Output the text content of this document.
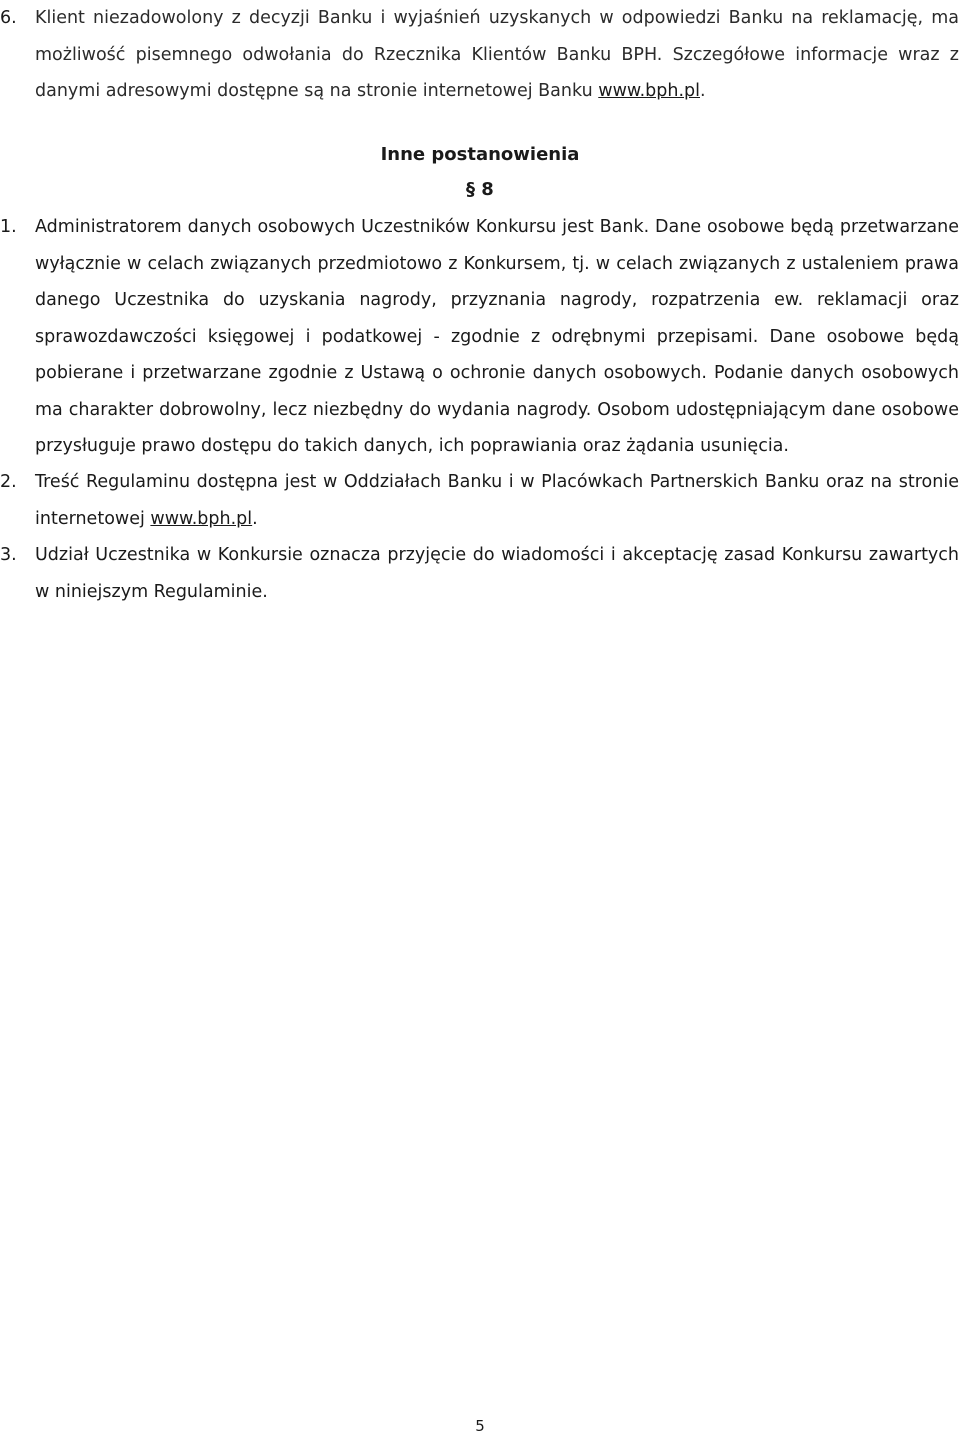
6. Klient niezadowolony z decyzji Banku i wyjaśnień uzyskanych w odpowiedzi Banku na reklamację, ma możliwość pisemnego odwołania do Rzecznika Klientów Banku BPH. Szczegółowe informacje wraz z danymi adresowymi dostępne są na stronie internetowej Banku www.bph.pl.
Inne postanowienia
§ 8
1. Administratorem danych osobowych Uczestników Konkursu jest Bank. Dane osobowe będą przetwarzane wyłącznie w celach związanych przedmiotowo z Konkursem, tj. w celach związanych z ustaleniem prawa danego Uczestnika do uzyskania nagrody, przyznania nagrody, rozpatrzenia ew. reklamacji oraz sprawozdawczości księgowej i podatkowej - zgodnie z odrębnymi przepisami. Dane osobowe będą pobierane i przetwarzane zgodnie z Ustawą o ochronie danych osobowych. Podanie danych osobowych ma charakter dobrowolny, lecz niezbędny do wydania nagrody. Osobom udostępniającym dane osobowe przysługuje prawo dostępu do takich danych, ich poprawiania oraz żądania usunięcia.
2. Treść Regulaminu dostępna jest w Oddziałach Banku i w Placówkach Partnerskich Banku oraz na stronie internetowej www.bph.pl.
3. Udział Uczestnika w Konkursie oznacza przyjęcie do wiadomości i akceptację zasad Konkursu zawartych w niniejszym Regulaminie.
5
